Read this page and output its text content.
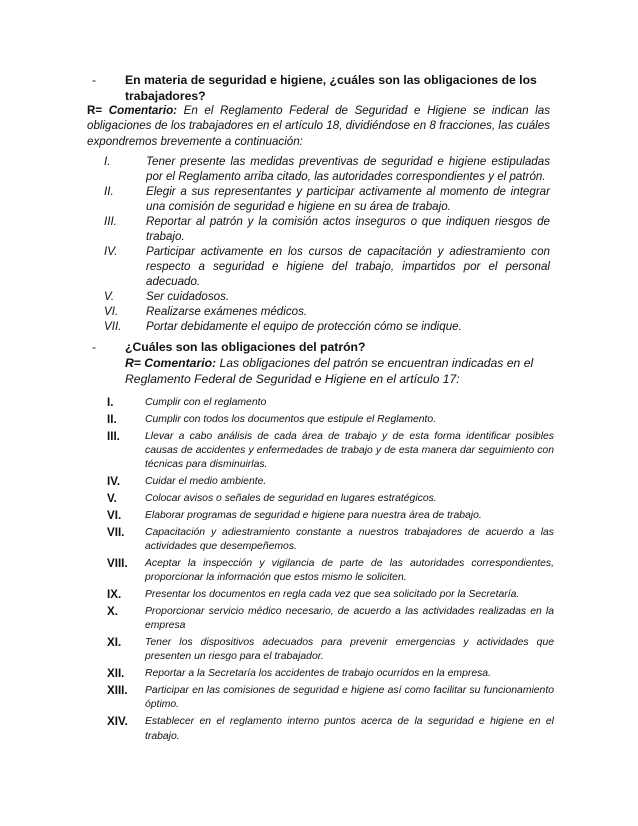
- En materia de seguridad e higiene, ¿cuáles son las obligaciones de los trabajadores?
R= Comentario: En el Reglamento Federal de Seguridad e Higiene se indican las obligaciones de los trabajadores en el artículo 18, dividiéndose en 8 fracciones, las cuáles expondremos brevemente a continuación:
I.	Tener presente las medidas preventivas de seguridad e higiene estipuladas por el Reglamento arriba citado, las autoridades correspondientes y el patrón.
II.	Elegir a sus representantes y participar activamente al momento de integrar una comisión de seguridad e higiene en su área de trabajo.
III.	Reportar al patrón y la comisión actos inseguros o que indiquen riesgos de trabajo.
IV. Participar activamente en los cursos de capacitación y adiestramiento con respecto a seguridad e higiene del trabajo, impartidos por el personal adecuado.
V.	Ser cuidadosos.
VI. Realizarse exámenes médicos.
VII. Portar debidamente el equipo de protección cómo se indique.
- ¿Cuáles son las obligaciones del patrón?
R= Comentario: Las obligaciones del patrón se encuentran indicadas en el Reglamento Federal de Seguridad e Higiene en el artículo 17:
I.	Cumplir con el reglamento
II.	Cumplir con todos los documentos que estipule el Reglamento.
III. Llevar a cabo análisis de cada área de trabajo y de esta forma identificar posibles causas de accidentes y enfermedades de trabajo y de esta manera dar seguimiento con técnicas para disminuirlas.
IV. Cuidar el medio ambiente.
V.	Colocar avisos o señales de seguridad en lugares estratégicos.
VI. Elaborar programas de seguridad e higiene para nuestra área de trabajo.
VII. Capacitación y adiestramiento constante a nuestros trabajadores de acuerdo a las actividades que desempeñemos.
VIII. Aceptar la inspección y vigilancia de parte de las autoridades correspondientes, proporcionar la información que estos mismo le soliciten.
IX. Presentar los documentos en regla cada vez que sea solicitado por la Secretaría.
X.	Proporcionar servicio médico necesario, de acuerdo a las actividades realizadas en la empresa
XI. Tener los dispositivos adecuados para prevenir emergencias y actividades que presenten un riesgo para el trabajador.
XII. Reportar a la Secretaría los accidentes de trabajo ocurridos en la empresa.
XIII. Participar en las comisiones de seguridad e higiene así como facilitar su funcionamiento óptimo.
XIV. Establecer en el reglamento interno puntos acerca de la seguridad e higiene en el trabajo.
